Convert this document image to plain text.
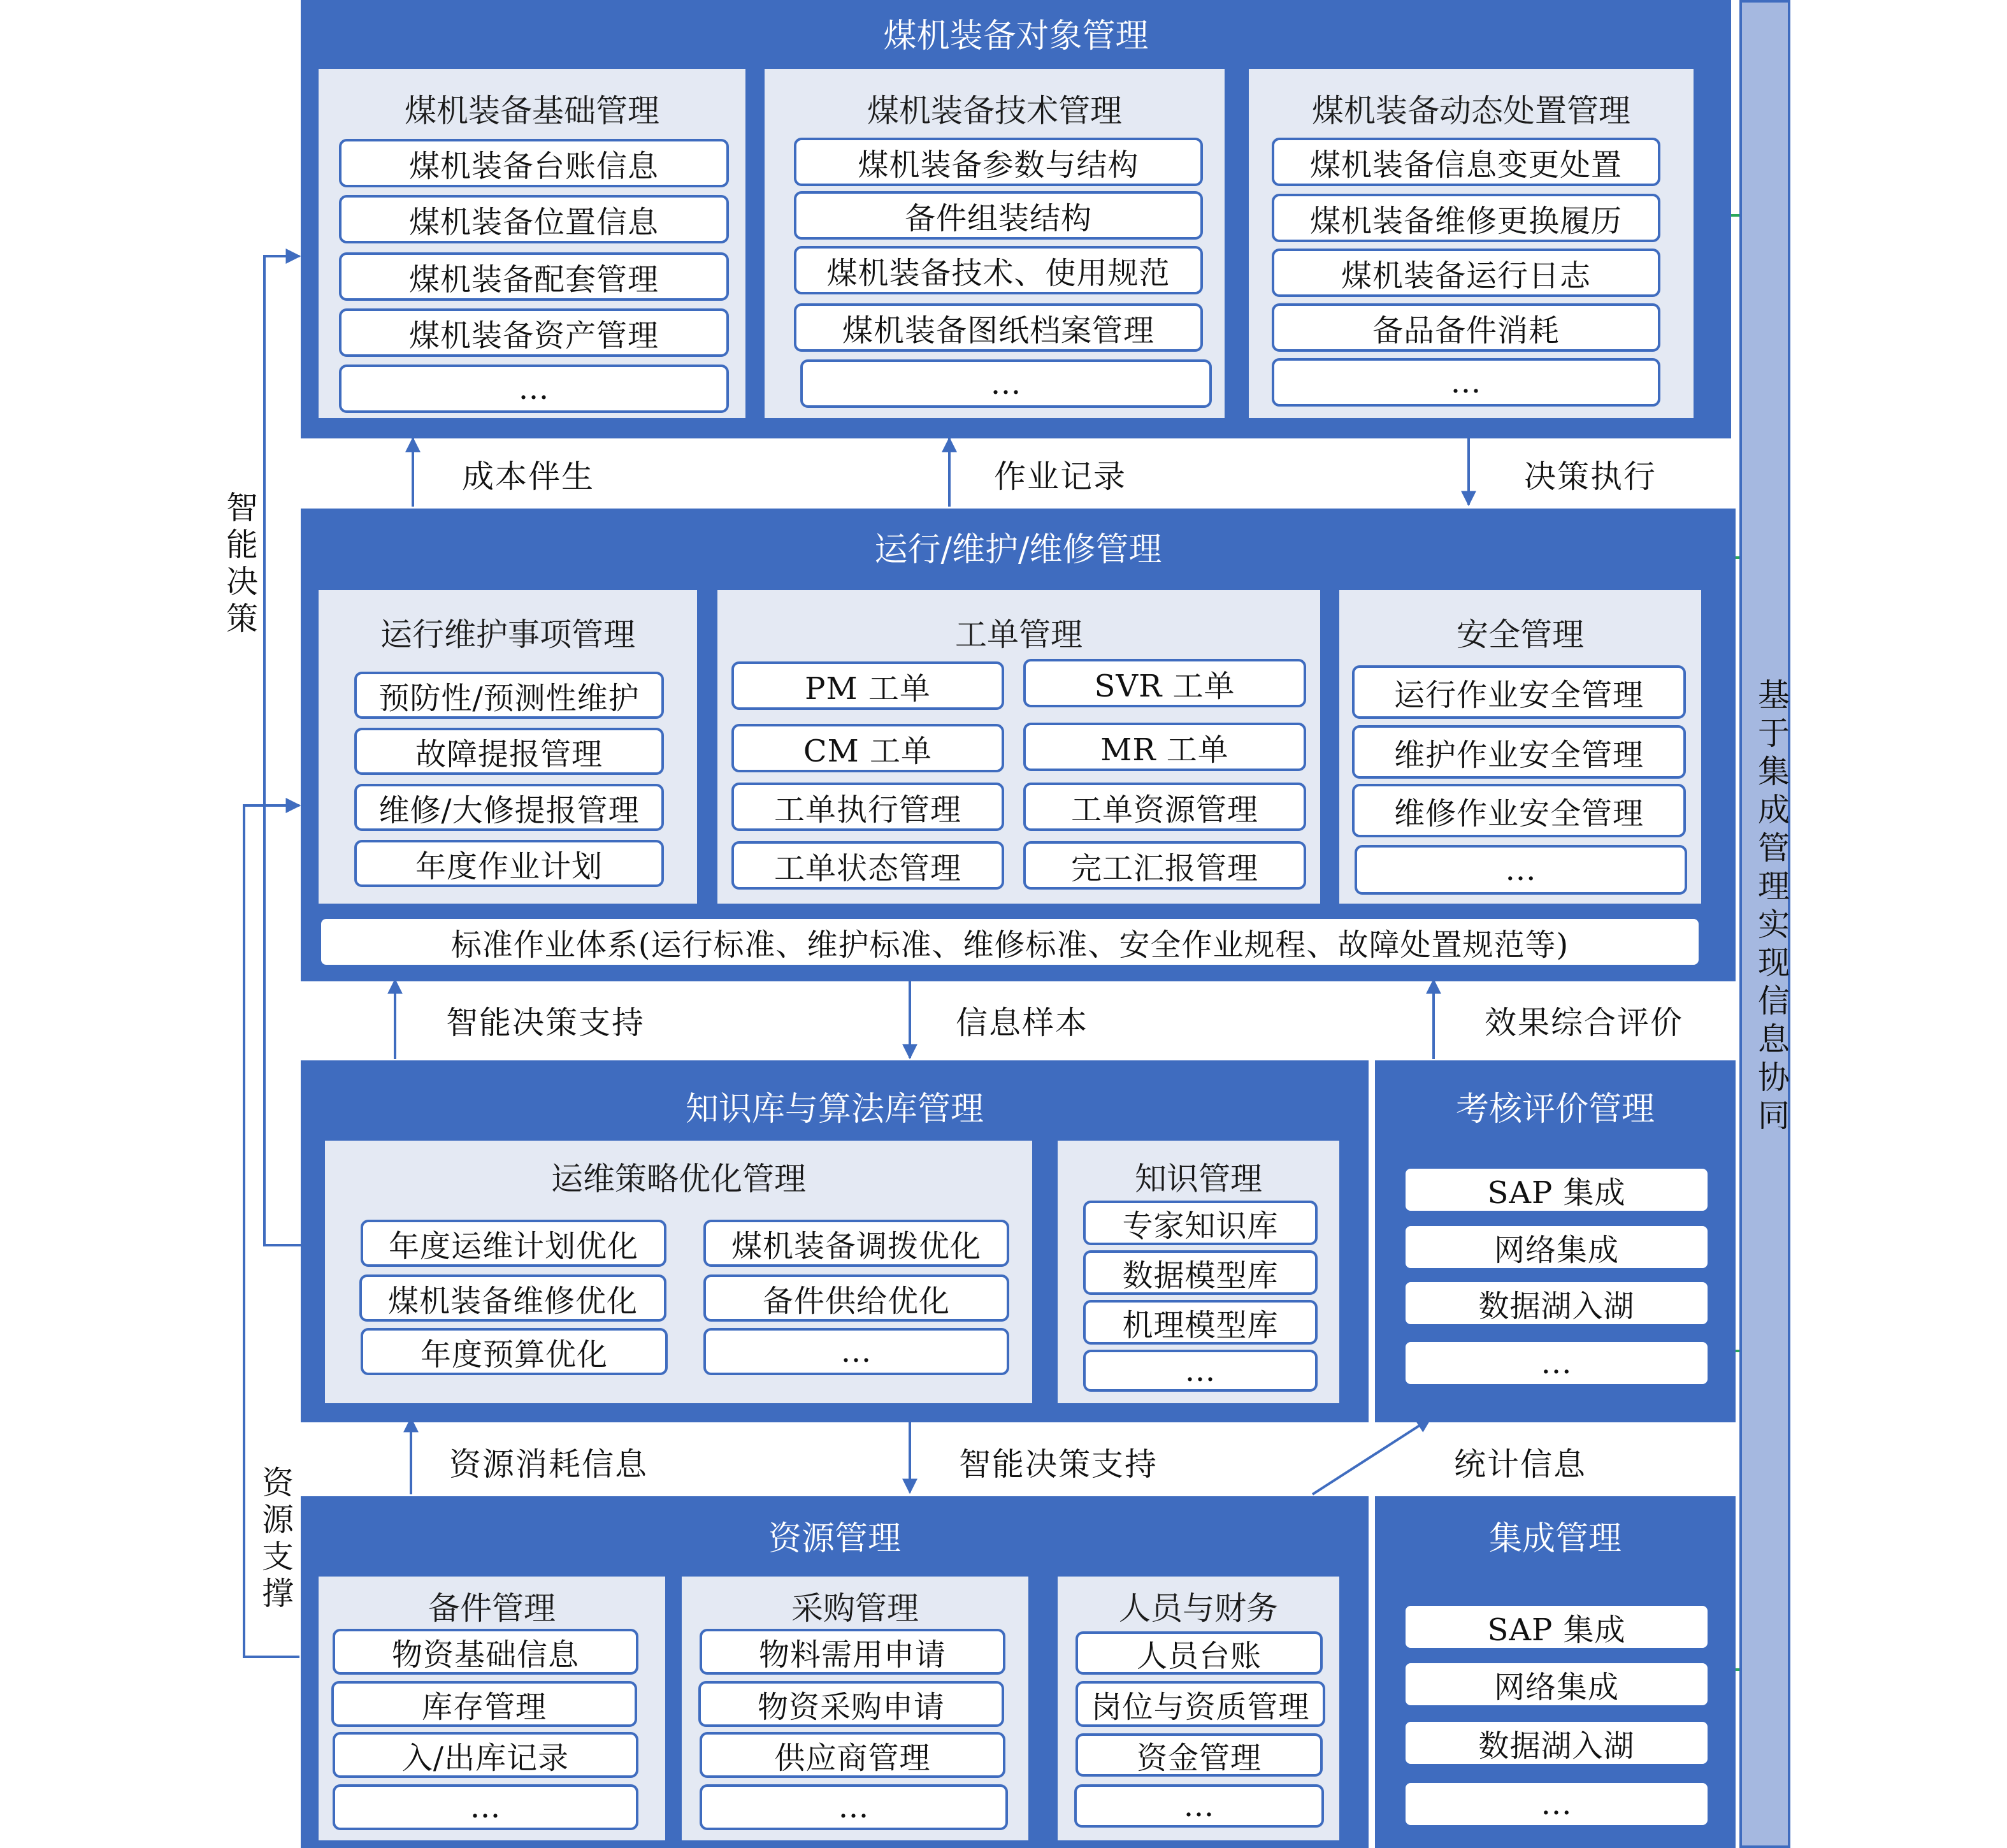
基于集成管理实现信息协同
智能决策
资源支撑
煤机装备对象管理
煤机装备基础管理
煤机装备台账信息
煤机装备位置信息
煤机装备配套管理
煤机装备资产管理
…
煤机装备技术管理
煤机装备参数与结构
备件组装结构
煤机装备技术、使用规范
煤机装备图纸档案管理
…
煤机装备动态处置管理
煤机装备信息变更处置
煤机装备维修更换履历
煤机装备运行日志
备品备件消耗
…
成本伴生	作业记录	决策执行
运行/维护/维修管理
运行维护事项管理
预防性/预测性维护
故障提报管理
维修/大修提报管理
年度作业计划
工单管理
PM 工单	SVR 工单
CM 工单	MR 工单
工单执行管理	工单资源管理
工单状态管理	完工汇报管理
安全管理
运行作业安全管理
维护作业安全管理
维修作业安全管理
...
标准作业体系(运行标准、维护标准、维修标准、安全作业规程、故障处置规范等)
智能决策支持	信息样本	效果综合评价
知识库与算法库管理
运维策略优化管理
年度运维计划优化	煤机装备调拨优化
煤机装备维修优化	备件供给优化
年度预算优化	…
知识管理
专家知识库
数据模型库
机理模型库
…
考核评价管理
SAP 集成
网络集成
数据湖入湖
...
资源消耗信息	智能决策支持	统计信息
资源管理
备件管理
物资基础信息
库存管理
入/出库记录
…
采购管理
物料需用申请
物资采购申请
供应商管理
…
人员与财务
人员台账
岗位与资质管理
资金管理
…
集成管理
SAP 集成
网络集成
数据湖入湖
...
